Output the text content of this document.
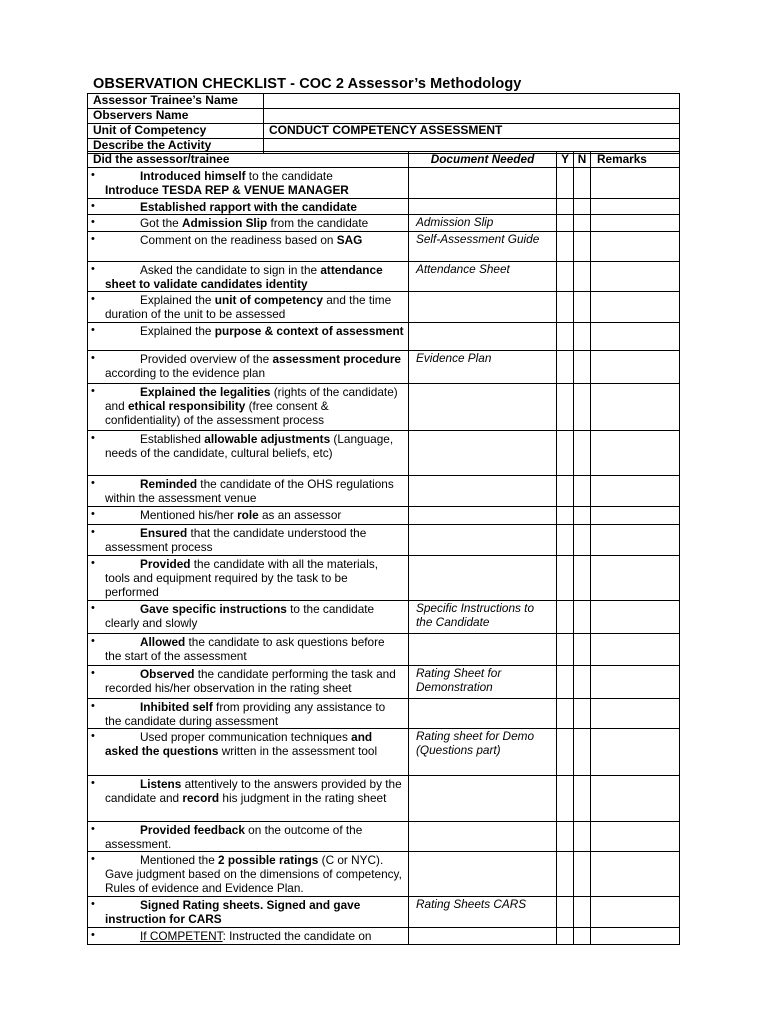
OBSERVATION CHECKLIST - COC 2 Assessor’s Methodology
Assessor Trainee’s Name	
Observers Name	
Unit of Competency	CONDUCT COMPETENCY ASSESSMENT
Describe the Activity	
Did the assessor/trainee	Document Needed	Y	N	Remarks

• Introduced himself to the candidate
Introduce TESDA REP & VENUE MANAGER				

• Established rapport with the candidate				

• Got the Admission Slip from the candidate	Admission Slip			

• Comment on the readiness based on SAG	Self-Assessment Guide			

• Asked the candidate to sign in the attendance sheet to validate candidates identity	Attendance Sheet			

• Explained the unit of competency and the time duration of the unit to be assessed				

• Explained the purpose & context of assessment				

• Provided overview of the assessment procedure according to the evidence plan	Evidence Plan			

• Explained the legalities (rights of the candidate) and ethical responsibility (free consent & confidentiality) of the assessment process				

• Established allowable adjustments (Language, needs of the candidate, cultural beliefs, etc)				

• Reminded the candidate of the OHS regulations within the assessment venue				

• Mentioned his/her role as an assessor				

• Ensured that the candidate understood the assessment process				

• Provided the candidate with all the materials, tools and equipment required by the task to be performed				

• Gave specific instructions to the candidate clearly and slowly	Specific Instructions to the Candidate			

• Allowed the candidate to ask questions before the start of the assessment				

• Observed the candidate performing the task and recorded his/her observation in the rating sheet	Rating Sheet for Demonstration			

• Inhibited self from providing any assistance to the candidate during assessment				

• Used proper communication techniques and asked the questions written in the assessment tool	Rating sheet for Demo (Questions part)			

• Listens attentively to the answers provided by the candidate and record his judgment in the rating sheet				

• Provided feedback on the outcome of the assessment.				

• Mentioned the 2 possible ratings (C or NYC). Gave judgment based on the dimensions of competency, Rules of evidence and Evidence Plan.				

• Signed Rating sheets. Signed and gave instruction for CARS	Rating Sheets CARS			

• If COMPETENT: Instructed the candidate on				
